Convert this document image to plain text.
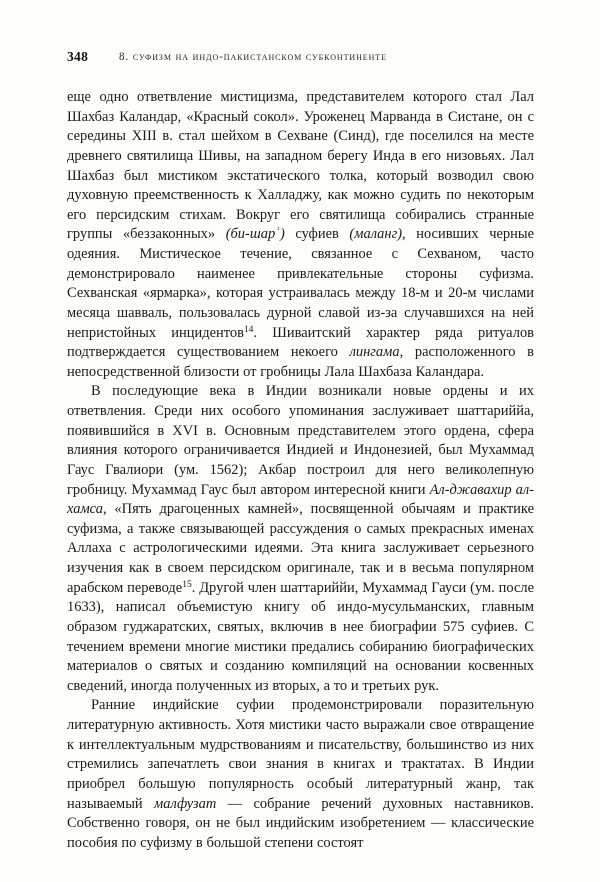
348	8. суфизм на индо-пакистанском субконтиненте

еще одно ответвление мистицизма, представителем которого стал Лал Шахбаз Каландар, «Красный сокол». Уроженец Марванда в Систане, он с середины XIII в. стал шейхом в Сехване (Синд), где поселился на месте древнего святилища Шивы, на западном берегу Инда в его низовьях. Лал Шахбаз был мистиком экстатического толка, который возводил свою духовную преемственность к Халладжу, как можно судить по некоторым его персидским стихам. Вокруг его святилища собирались странные группы «беззаконных» (би-шарʿ) суфиев (маланг), носивших черные одеяния. Мистическое течение, связанное с Сехваном, часто демонстрировало наименее привлекательные стороны суфизма. Сехванская «ярмарка», которая устраивалась между 18-м и 20-м числами месяца шавваль, пользовалась дурной славой из-за случавшихся на ней непристойных инцидентов$^{14}$. Шиваитский характер ряда ритуалов подтверждается существованием некоего лингама, расположенного в непосредственной близости от гробницы Лала Шахбаза Каландара.

В последующие века в Индии возникали новые ордены и их ответвления. Среди них особого упоминания заслуживает шаттариййа, появившийся в XVI в. Основным представителем этого ордена, сфера влияния которого ограничивается Индией и Индонезией, был Мухаммад Гаус Гвалиори (ум. 1562); Акбар построил для него великолепную гробницу. Мухаммад Гаус был автором интересной книги Ал-джавахир ал-хамса, «Пять драгоценных камней», посвященной обычаям и практике суфизма, а также связывающей рассуждения о самых прекрасных именах Аллаха с астрологическими идеями. Эта книга заслуживает серьезного изучения как в своем персидском оригинале, так и в весьма популярном арабском переводе$^{15}$. Другой член шаттариййи, Мухаммад Гауси (ум. после 1633), написал объемистую книгу об индо-мусульманских, главным образом гуджаратских, святых, включив в нее биографии 575 суфиев. С течением времени многие мистики предались собиранию биографических материалов о святых и созданию компиляций на основании косвенных сведений, иногда полученных из вторых, а то и третьих рук.

Ранние индийские суфии продемонстрировали поразительную литературную активность. Хотя мистики часто выражали свое отвращение к интеллектуальным мудрствованиям и писательству, большинство из них стремились запечатлеть свои знания в книгах и трактатах. В Индии приобрел большую популярность особый литературный жанр, так называемый малфузат — собрание речений духовных наставников. Собственно говоря, он не был индийским изобретением — классические пособия по суфизму в большой степени состоят
